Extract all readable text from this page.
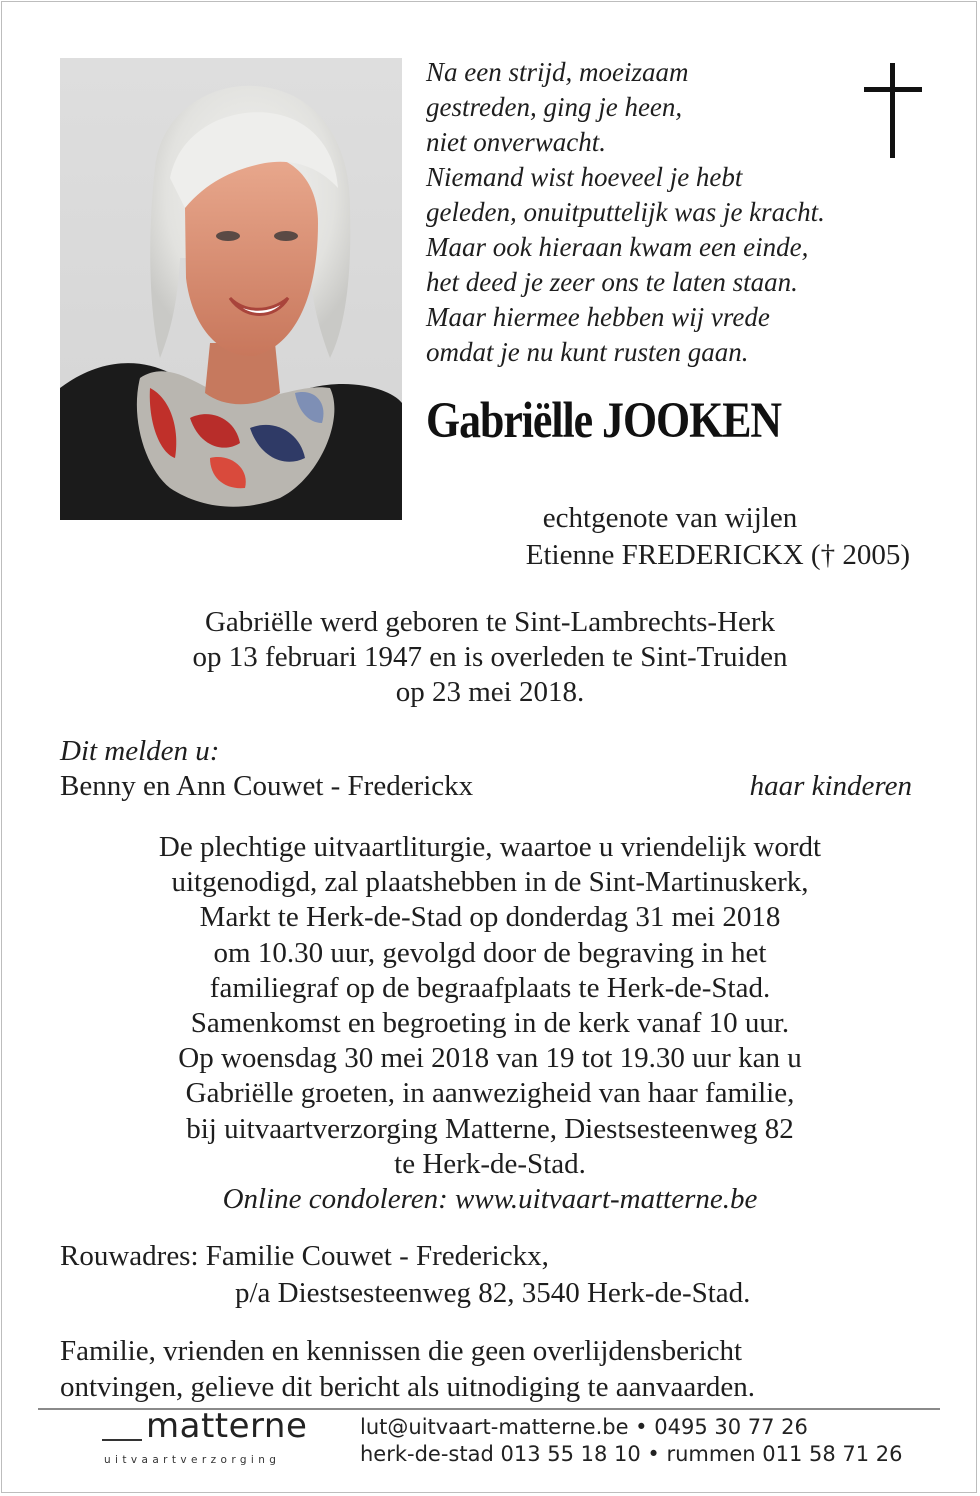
Na een strijd, moeizaam
gestreden, ging je heen,
niet onverwacht.
Niemand wist hoeveel je hebt
geleden, onuitputtelijk was je kracht.
Maar ook hieraan kwam een einde,
het deed je zeer ons te laten staan.
Maar hiermee hebben wij vrede
omdat je nu kunt rusten gaan.
Gabriëlle JOOKEN
echtgenote van wijlen
Etienne FREDERICKX († 2005)
Gabriëlle werd geboren te Sint-Lambrechts-Herk
op 13 februari 1947 en is overleden te Sint-Truiden
op 23 mei 2018.
Dit melden u:
Benny en Ann Couwet - Frederickx	haar kinderen
De plechtige uitvaartliturgie, waartoe u vriendelijk wordt
uitgenodigd, zal plaatshebben in de Sint-Martinuskerk,
Markt te Herk-de-Stad op donderdag 31 mei 2018
om 10.30 uur, gevolgd door de begraving in het
familiegraf op de begraafplaats te Herk-de-Stad.
Samenkomst en begroeting in de kerk vanaf 10 uur.
Op woensdag 30 mei 2018 van 19 tot 19.30 uur kan u
Gabriëlle groeten, in aanwezigheid van haar familie,
bij uitvaartverzorging Matterne, Diestsesteenweg 82
te Herk-de-Stad.
Online condoleren: www.uitvaart-matterne.be
Rouwadres: Familie Couwet - Frederickx,
p/a Diestsesteenweg 82, 3540 Herk-de-Stad.
Familie, vrienden en kennissen die geen overlijdensbericht
ontvingen, gelieve dit bericht als uitnodiging te aanvaarden.
matterne
uitvaartverzorging
lut@uitvaart-matterne.be • 0495 30 77 26
herk-de-stad 013 55 18 10 • rummen 011 58 71 26
